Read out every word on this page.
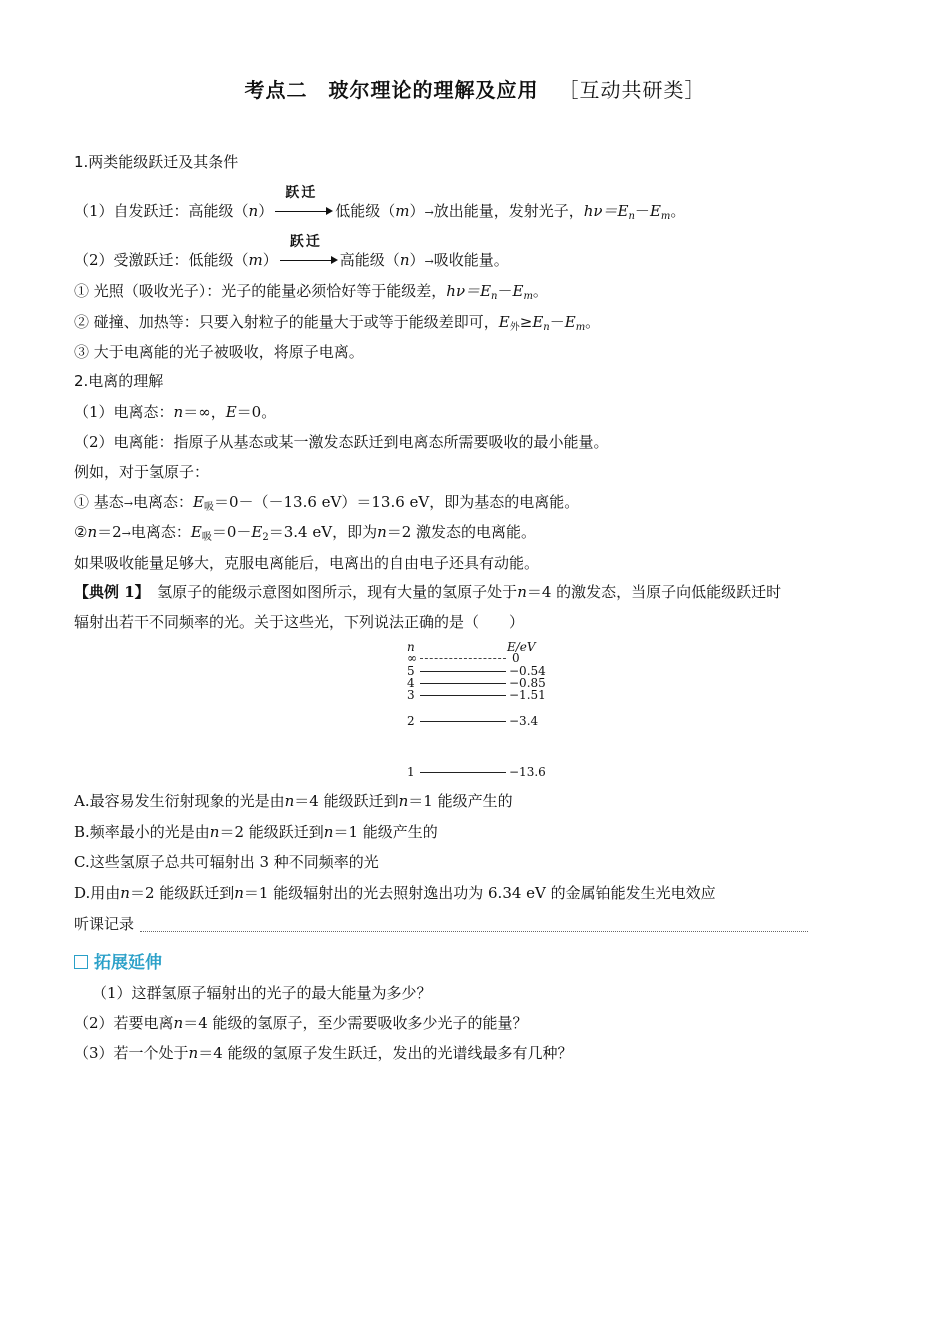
考点二　玻尔理论的理解及应用 ［互动共研类］
1.两类能级跃迁及其条件
（1）自发跃迁：高能级（n）
跃迁
低能级（m）→放出能量，发射光子，$h\nu=E_n-E_m$。
（2）受激跃迁：低能级（m）
跃迁
高能级（n）→吸收能量。
① 光照（吸收光子）：光子的能量必须恰好等于能级差，$h\nu=E_n-E_m$。
② 碰撞、加热等：只要入射粒子的能量大于或等于能级差即可，$E_外\ge E_n-E_m$。
③ 大于电离能的光子被吸收，将原子电离。
2.电离的理解
（1）电离态：n＝∞，E＝0。
（2）电离能：指原子从基态或某一激发态跃迁到电离态所需要吸收的最小能量。
例如，对于氢原子：
① 基态→电离态：$E_吸=0-(-13.6$ eV）＝13.6 eV，即为基态的电离能。
②n＝2→电离态：$E_吸=0-E_2=3.4$ eV，即为n＝2 激发态的电离能。
如果吸收能量足够大，克服电离能后，电离出的自由电子还具有动能。
【典例 1】　氢原子的能级示意图如图所示，现有大量的氢原子处于n＝4 的激发态，当原子向低能级跃迁时
辐射出若干不同频率的光。关于这些光，下列说法正确的是（　　）
n	E/eV
∞	0
5	−0.54
4	−0.85
3	−1.51
2	−3.4
1	−13.6
A.最容易发生衍射现象的光是由n＝4 能级跃迁到n＝1 能级产生的
B.频率最小的光是由n＝2 能级跃迁到n＝1 能级产生的
C.这些氢原子总共可辐射出 3 种不同频率的光
D.用由n＝2 能级跃迁到n＝1 能级辐射出的光去照射逸出功为 6.34 eV 的金属铂能发生光电效应
听课记录
拓展延伸
（1）这群氢原子辐射出的光子的最大能量为多少？
（2）若要电离n＝4 能级的氢原子，至少需要吸收多少光子的能量？
（3）若一个处于n＝4 能级的氢原子发生跃迁，发出的光谱线最多有几种？
